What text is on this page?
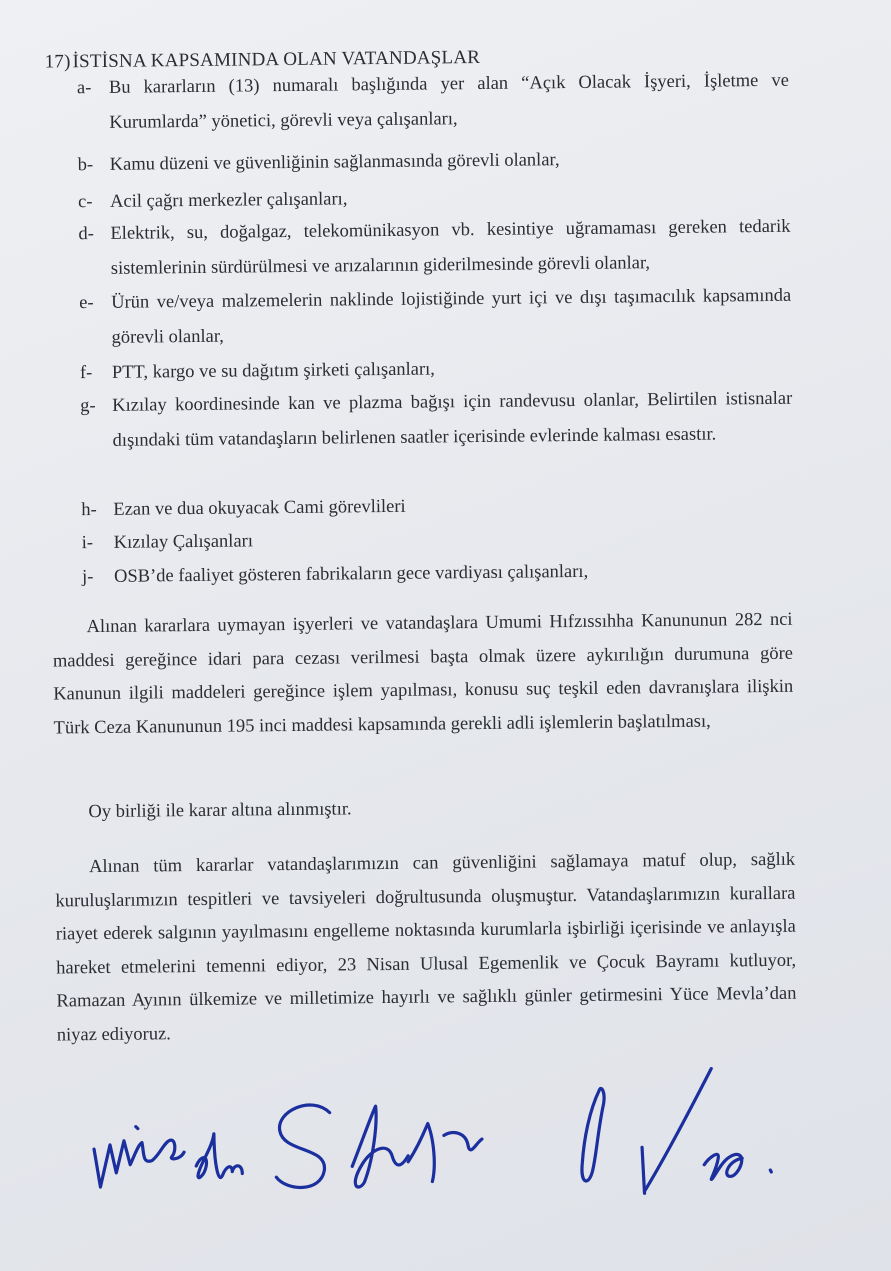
17)İSTİSNA KAPSAMINDA OLAN VATANDAŞLAR
a- Bu kararların (13) numaralı başlığında yer alan “Açık Olacak İşyeri, İşletme ve Kurumlarda” yönetici, görevli veya çalışanları,
b- Kamu düzeni ve güvenliğinin sağlanmasında görevli olanlar,
c- Acil çağrı merkezler çalışanları,
d- Elektrik, su, doğalgaz, telekomünikasyon vb. kesintiye uğramaması gereken tedarik sistemlerinin sürdürülmesi ve arızalarının giderilmesinde görevli olanlar,
e- Ürün ve/veya malzemelerin naklinde lojistiğinde yurt içi ve dışı taşımacılık kapsamında görevli olanlar,
f-	PTT, kargo ve su dağıtım şirketi çalışanları,
g- Kızılay koordinesinde kan ve plazma bağışı için randevusu olanlar, Belirtilen istisnalar dışındaki tüm vatandaşların belirlenen saatler içerisinde evlerinde kalması esastır.
h- Ezan ve dua okuyacak Cami görevlileri
i-	Kızılay Çalışanları
j-	OSB’de faaliyet gösteren fabrikaların gece vardiyası çalışanları,
Alınan kararlara uymayan işyerleri ve vatandaşlara Umumi Hıfzıssıhha Kanununun 282 nci maddesi gereğince idari para cezası verilmesi başta olmak üzere aykırılığın durumuna göre Kanunun ilgili maddeleri gereğince işlem yapılması, konusu suç teşkil eden davranışlara ilişkin Türk Ceza Kanununun 195 inci maddesi kapsamında gerekli adli işlemlerin başlatılması,
Oy birliği ile karar altına alınmıştır.
Alınan tüm kararlar vatandaşlarımızın can güvenliğini sağlamaya matuf olup, sağlık kuruluşlarımızın tespitleri ve tavsiyeleri doğrultusunda oluşmuştur. Vatandaşlarımızın kurallara riayet ederek salgının yayılmasını engelleme noktasında kurumlarla işbirliği içerisinde ve anlayışla hareket etmelerini temenni ediyor, 23 Nisan Ulusal Egemenlik ve Çocuk Bayramı kutluyor, Ramazan Ayının ülkemize ve milletimize hayırlı ve sağlıklı günler getirmesini Yüce Mevla’dan niyaz ediyoruz.
